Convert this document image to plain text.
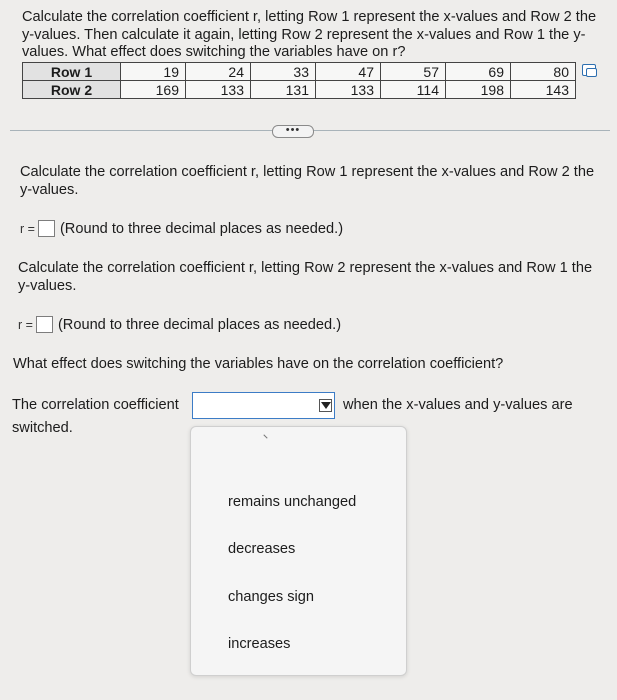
Calculate the correlation coefficient r, letting Row 1 represent the x-values and Row 2 the y-values. Then calculate it again, letting Row 2 represent the x-values and Row 1 the y-values. What effect does switching the variables have on r?
Row 1	19	24	33	47	57	69	80
Row 2	169	133	131	133	114	198	143
•••
Calculate the correlation coefficient r, letting Row 1 represent the x-values and Row 2 the y-values.
r = (Round to three decimal places as needed.)
Calculate the correlation coefficient r, letting Row 2 represent the x-values and Row 1 the y-values.
r = (Round to three decimal places as needed.)
What effect does switching the variables have on the correlation coefficient?
The correlation coefficient	when the x-values and y-values are
switched.
remains unchanged
decreases
changes sign
increases
